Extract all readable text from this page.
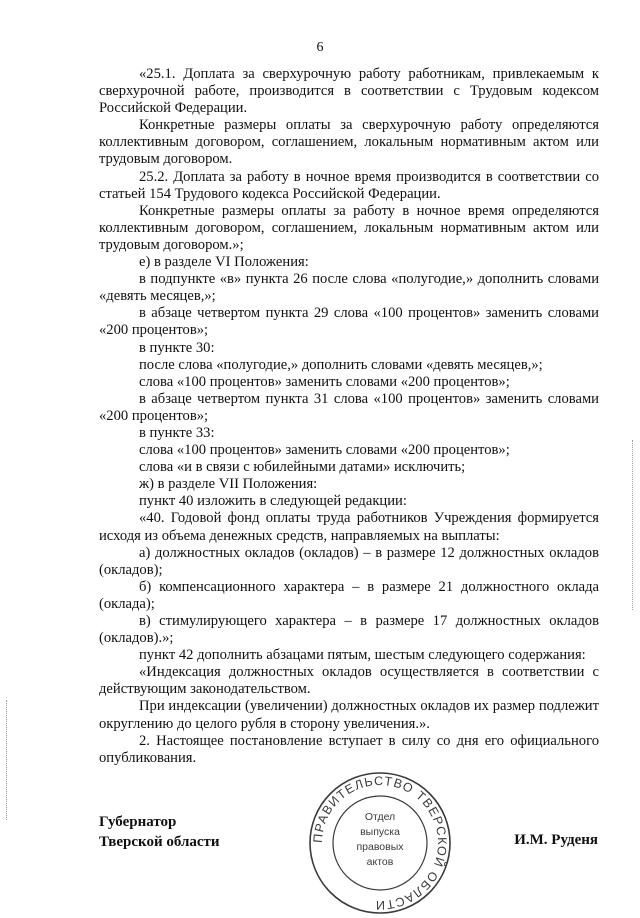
6

«25.1. Доплата за сверхурочную работу работникам, привлекаемым к сверхурочной работе, производится в соответствии с Трудовым кодексом Российской Федерации.

Конкретные размеры оплаты за сверхурочную работу определяются коллективным договором, соглашением, локальным нормативным актом или трудовым договором.

25.2. Доплата за работу в ночное время производится в соответствии со статьей 154 Трудового кодекса Российской Федерации.

Конкретные размеры оплаты за работу в ночное время определяются коллективным договором, соглашением, локальным нормативным актом или трудовым договором.»;

е) в разделе VI Положения:

в подпункте «в» пункта 26 после слова «полугодие,» дополнить словами «девять месяцев,»;

в абзаце четвертом пункта 29 слова «100 процентов» заменить словами «200 процентов»;

в пункте 30:

после слова «полугодие,» дополнить словами «девять месяцев,»;

слова «100 процентов» заменить словами «200 процентов»;

в абзаце четвертом пункта 31 слова «100 процентов» заменить словами «200 процентов»;

в пункте 33:

слова «100 процентов» заменить словами «200 процентов»;

слова «и в связи с юбилейными датами» исключить;

ж) в разделе VII Положения:

пункт 40 изложить в следующей редакции:

«40. Годовой фонд оплаты труда работников Учреждения формируется исходя из объема денежных средств, направляемых на выплаты:

а) должностных окладов (окладов) – в размере 12 должностных окладов (окладов);

б) компенсационного характера – в размере 21 должностного оклада (оклада);

в) стимулирующего характера – в размере 17 должностных окладов (окладов).»;

пункт 42 дополнить абзацами пятым, шестым следующего содержания:

«Индексация должностных окладов осуществляется в соответствии с действующим законодательством.

При индексации (увеличении) должностных окладов их размер подлежит округлению до целого рубля в сторону увеличения.».

2. Настоящее постановление вступает в силу со дня его официального опубликования.

Губернатор
Тверской области	И.М. Руденя
ПРАВИТЕЛЬСТВО ТВЕРСКОЙ ОБЛАСТИ
Отдел
выпуска
правовых
актов
